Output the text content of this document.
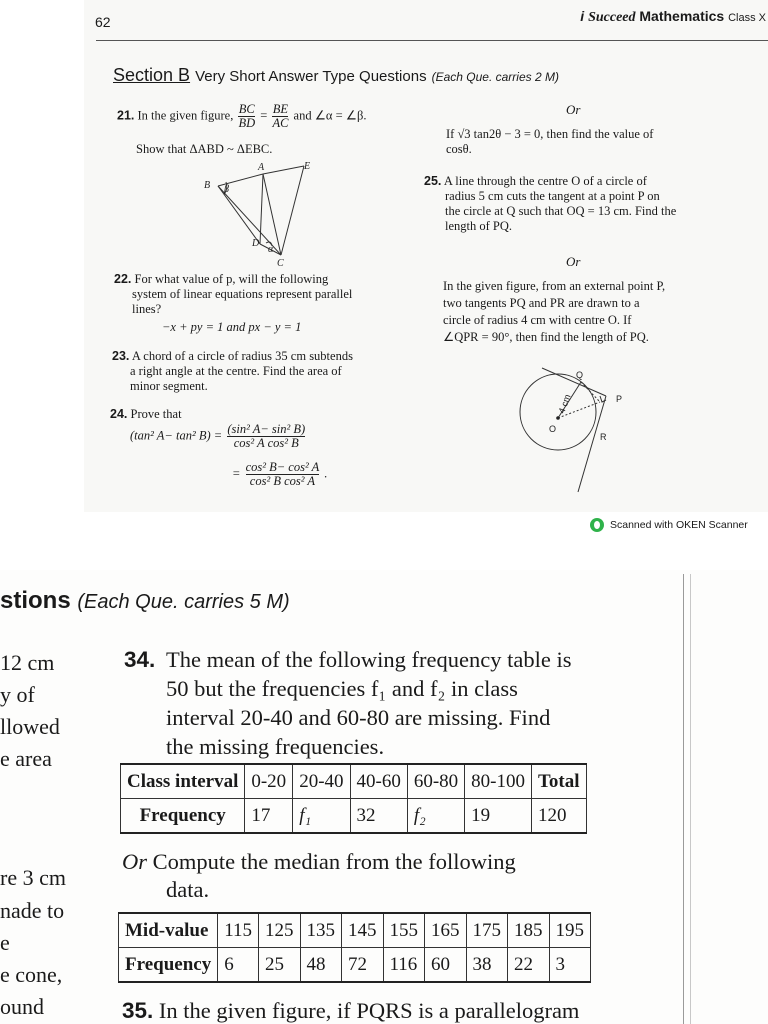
62	i Succeed Mathematics Class X
Section B Very Short Answer Type Questions (Each Que. carries 2 M)
21. In the given figure, $\frac{BC}{BD} = \frac{BE}{AC}$ and ∠α = ∠β.
Show that ΔABD ~ ΔEBC.
B
A	E
D
C
β
α
22. For what value of p, will the following
system of linear equations represent parallel
lines?
−x + py = 1 and px − y = 1
23. A chord of a circle of radius 35 cm subtends
a right angle at the centre. Find the area of
minor segment.
24. Prove that
(tan² A− tan² $B) = \frac{\text{(sin² A− sin² B)}}{\text{cos² A cos² B}}$
= $\frac{\text{cos² B− cos² A}}{\text{cos² B cos² A}}$ .
Or
If √3 tan2θ − 3 = 0, then find the value of
cosθ.
25. A line through the centre O of a circle of
radius 5 cm cuts the tangent at a point P on
the circle at Q such that OQ = 13 cm. Find the
length of PQ.
Or
In the given figure, from an external point P,
two tangents PQ and PR are drawn to a
circle of radius 4 cm with centre O. If
∠QPR = 90°, then find the length of PQ.
Q
P
O
R
4 cm
Scanned with OKEN Scanner
stions (Each Que. carries 5 M)
12 cm
y of
llowed
e area
re 3 cm
nade to
e
e cone,
ound
34. The mean of the following frequency table is
50 but the frequencies f₁ and f₂ in class
interval 20-40 and 60-80 are missing. Find
the missing frequencies.
Class interval	0-20	20-40	40-60	60-80	80-100	Total
Frequency	17	f₁	32	f₂	19	120
Or Compute the median from the following
data.
Mid-value	115	125	135	145	155	165	175	185	195
Frequency	6	25	48	72	116	60	38	22	3
35. In the given figure, if PQRS is a parallelogram
